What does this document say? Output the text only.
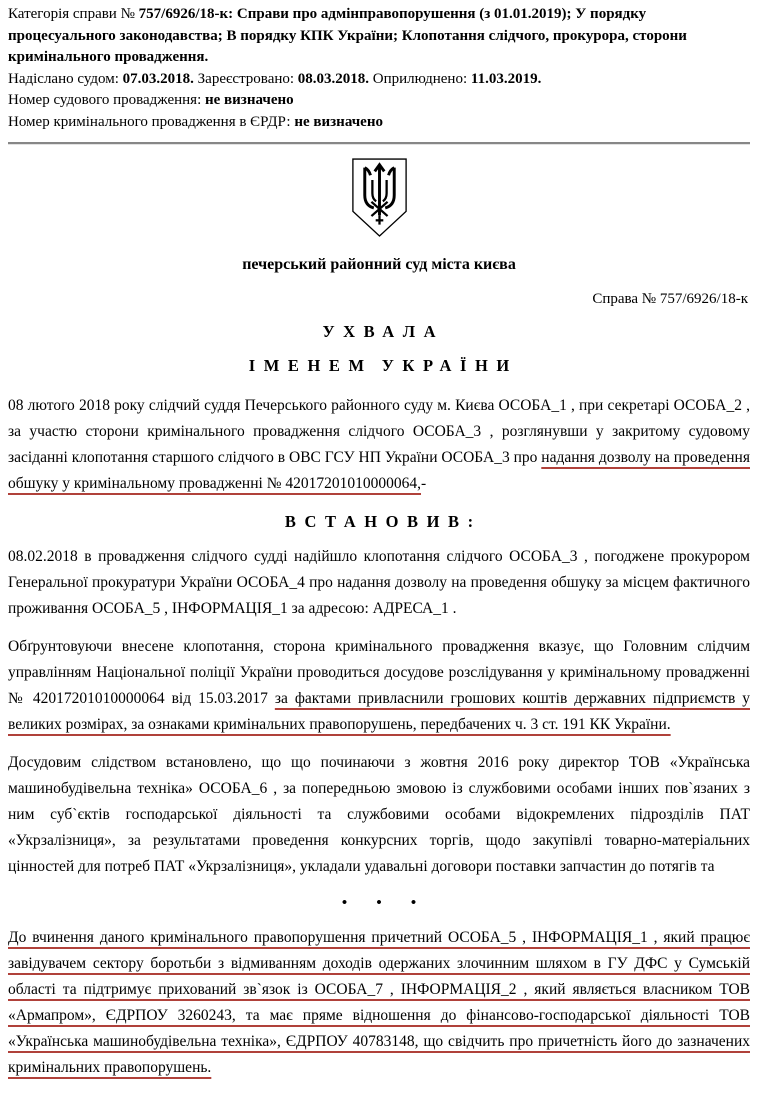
Категорія справи № 757/6926/18-к: Справи про адмінправопорушення (з 01.01.2019); У порядку процесуального законодавства; В порядку КПК України; Клопотання слідчого, прокурора, сторони кримінального провадження.
Надіслано судом: 07.03.2018. Зареєстровано: 08.03.2018. Оприлюднено: 11.03.2019.
Номер судового провадження: не визначено
Номер кримінального провадження в ЄРДР: не визначено
печерський районний суд міста києва
Справа № 757/6926/18-к
УХВАЛА
ІМЕНЕМ УКРАЇНИ

08 лютого 2018 року слідчий суддя Печерського районного суду м. Києва ОСОБА_1 , при секретарі ОСОБА_2 , за участю сторони кримінального провадження слідчого ОСОБА_3 , розглянувши у закритому судовому засіданні клопотання старшого слідчого в ОВС ГСУ НП України ОСОБА_3 про надання дозволу на проведення обшуку у кримінальному провадженні № 42017201010000064,-

ВСТАНОВИВ:

08.02.2018 в провадження слідчого судді надійшло клопотання слідчого ОСОБА_3 , погоджене прокурором Генеральної прокуратури України ОСОБА_4 про надання дозволу на проведення обшуку за місцем фактичного проживання ОСОБА_5 , ІНФОРМАЦІЯ_1 за адресою: АДРЕСА_1 .

Обґрунтовуючи внесене клопотання, сторона кримінального провадження вказує, що Головним слідчим управлінням Національної поліції України проводиться досудове розслідування у кримінальному провадженні № 42017201010000064 від 15.03.2017 за фактами привласнили грошових коштів державних підприємств у великих розмірах, за ознаками кримінальних правопорушень, передбачених ч. 3 ст. 191 КК України.

Досудовим слідством встановлено, що що починаючи з жовтня 2016 року директор ТОВ «Українська машинобудівельна техніка» ОСОБА_6 , за попередньою змовою із службовими особами інших пов`язаних з ним суб`єктів господарської діяльності та службовими особами відокремлених підрозділів ПАТ «Укрзалізниця», за результатами проведення конкурсних торгів, щодо закупівлі товарно-матеріальних цінностей для потреб ПАТ «Укрзалізниця», укладали удавальні договори поставки запчастин до потягів та

• • •

До вчинення даного кримінального правопорушення причетний ОСОБА_5 , ІНФОРМАЦІЯ_1 , який працює завідувачем сектору боротьби з відмиванням доходів одержаних злочинним шляхом в ГУ ДФС у Сумській області та підтримує прихований зв`язок із ОСОБА_7 , ІНФОРМАЦІЯ_2 , який являється власником ТОВ «Армапром», ЄДРПОУ 3260243, та має пряме відношення до фінансово-господарської діяльності ТОВ «Українська машинобудівельна техніка», ЄДРПОУ 40783148, що свідчить про причетність його до зазначених кримінальних правопорушень.
